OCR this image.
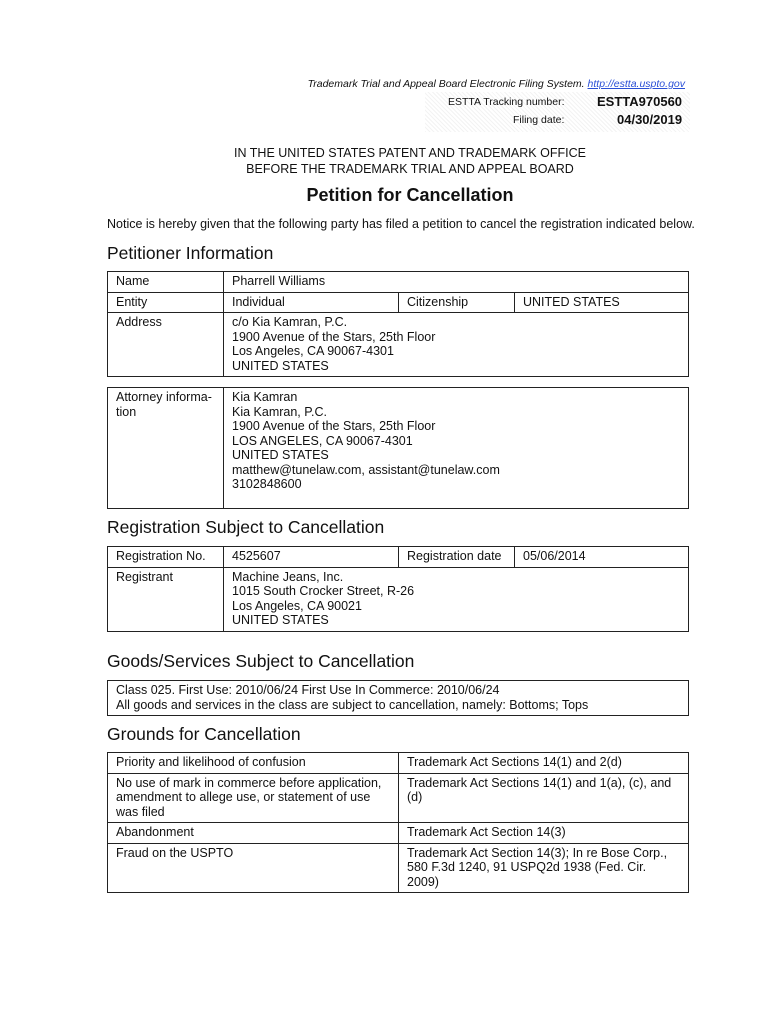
Trademark Trial and Appeal Board Electronic Filing System. http://estta.uspto.gov
ESTTA Tracking number: ESTTA970560
Filing date:	04/30/2019
IN THE UNITED STATES PATENT AND TRADEMARK OFFICE
BEFORE THE TRADEMARK TRIAL AND APPEAL BOARD
Petition for Cancellation
Notice is hereby given that the following party has filed a petition to cancel the registration indicated below.
Petitioner Information
Name	Pharrell Williams		
Entity	Individual	Citizenship	UNITED STATES
Address	c/o Kia Kamran, P.C.
1900 Avenue of the Stars, 25th Floor
Los Angeles, CA 90067-4301
UNITED STATES		
Attorney informa-
tion	Kia Kamran
Kia Kamran, P.C.
1900 Avenue of the Stars, 25th Floor
LOS ANGELES, CA 90067-4301
UNITED STATES
matthew@tunelaw.com, assistant@tunelaw.com
3102848600
Registration Subject to Cancellation
Registration No.	4525607	Registration date	05/06/2014
Registrant	Machine Jeans, Inc.
1015 South Crocker Street, R-26
Los Angeles, CA 90021
UNITED STATES		
Goods/Services Subject to Cancellation
Class 025. First Use: 2010/06/24 First Use In Commerce: 2010/06/24
All goods and services in the class are subject to cancellation, namely: Bottoms; Tops
Grounds for Cancellation
Priority and likelihood of confusion	Trademark Act Sections 14(1) and 2(d)
No use of mark in commerce before application, amendment to allege use, or statement of use was filed	Trademark Act Sections 14(1) and 1(a), (c), and (d)
Abandonment	Trademark Act Section 14(3)
Fraud on the USPTO	Trademark Act Section 14(3); In re Bose Corp., 580 F.3d 1240, 91 USPQ2d 1938 (Fed. Cir. 2009)
